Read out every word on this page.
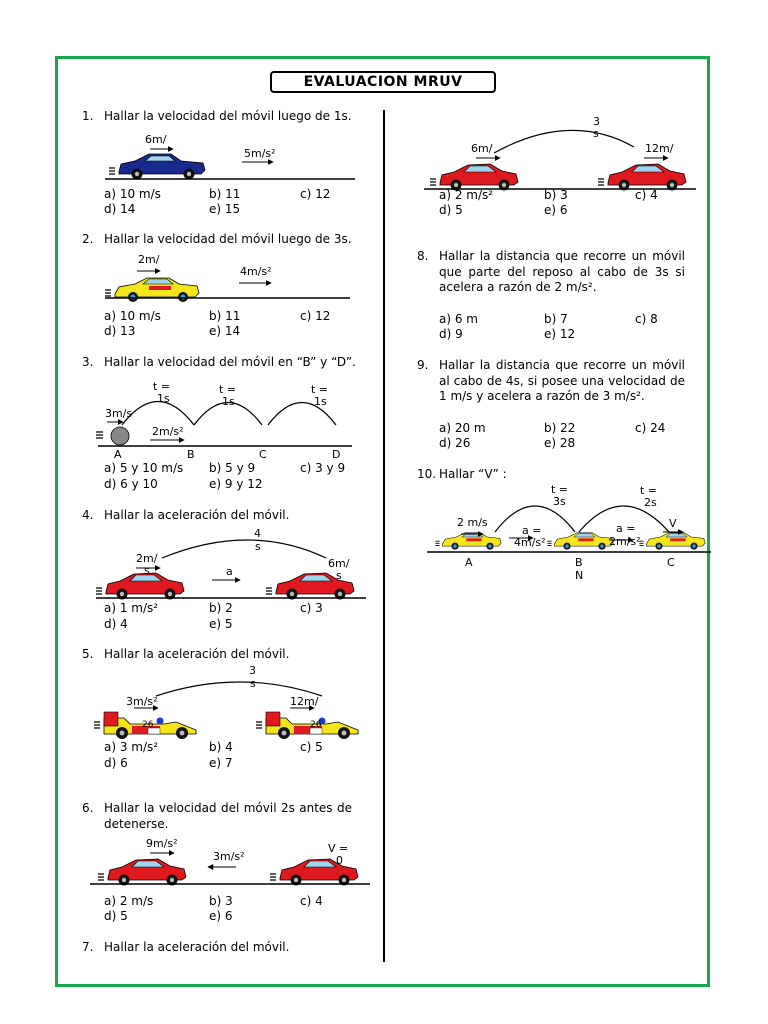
EVALUACION MRUV
1. Hallar la velocidad del móvil luego de 1s.
6m/
5m/s²
a) 10 m/s	b) 11	c) 12
d) 14	e) 15
2. Hallar la velocidad del móvil luego de 3s.
2m/
4m/s²
a) 10 m/s	b) 11	c) 12
d) 13	e) 14
3. Hallar la velocidad del móvil en “B” y “D”.
t =
1s
t =
1s
t =
1s
3m/s
2m/s²
A	B	C	D
a) 5 y 10 m/s b) 5 y 9	c) 3 y 9
d) 6 y 10	e) 9 y 12
4. Hallar la aceleración del móvil.
4
s
2m/
s	a
6m/
s
a) 1 m/s²	b) 2	c) 3
d) 4	e) 5
5. Hallar la aceleración del móvil.
3
s
3m/s²	12m/
26	26
a) 3 m/s²	b) 4	c) 5
d) 6	e) 7
6. Hallar la velocidad del móvil 2s antes de detenerse.
9m/s²
3m/s²
V =
0
a) 2 m/s	b) 3	c) 4
d) 5	e) 6
7. Hallar la aceleración del móvil.
3
s
6m/	12m/
a) 2 m/s²	b) 3	c) 4
d) 5	e) 6
8. Hallar la distancia que recorre un móvil que parte del reposo al cabo de 3s si acelera a razón de 2 m/s².
a) 6 m	b) 7	c) 8
d) 9	e) 12
9. Hallar la distancia que recorre un móvil al cabo de 4s, si posee una velocidad de 1 m/s y acelera a razón de 3 m/s².
a) 20 m	b) 22	c) 24
d) 26	e) 28
10. Hallar “V” :
t =
3s
t =
2s
2 m/s
a =
4m/s²
a =
2m/s²
V
A	B
N
C
